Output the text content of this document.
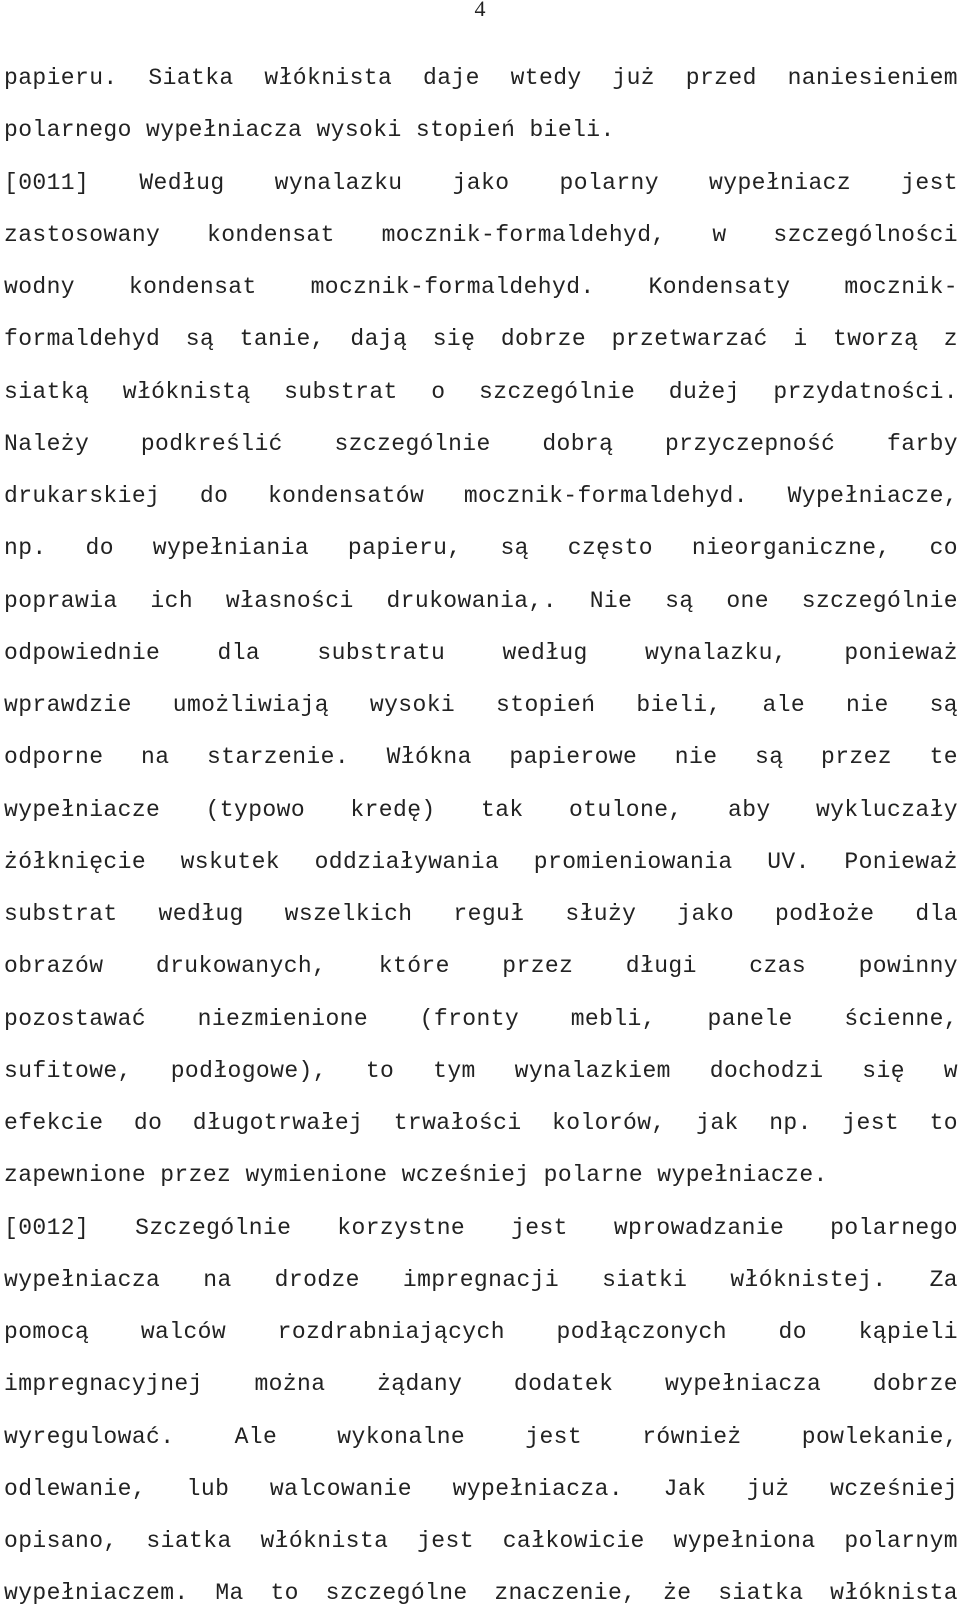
4
papieru. Siatka włóknista daje wtedy już przed naniesieniem
polarnego wypełniacza wysoki stopień bieli.
[0011] Według wynalazku jako polarny wypełniacz jest
zastosowany kondensat mocznik-formaldehyd, w szczególności
wodny kondensat mocznik-formaldehyd. Kondensaty mocznik-
formaldehyd są tanie, dają się dobrze przetwarzać i tworzą z
siatką włóknistą substrat o szczególnie dużej przydatności.
Należy podkreślić szczególnie dobrą przyczepność farby
drukarskiej do kondensatów mocznik-formaldehyd. Wypełniacze,
np. do wypełniania papieru, są często nieorganiczne, co
poprawia ich własności drukowania,. Nie są one szczególnie
odpowiednie dla substratu według wynalazku, ponieważ
wprawdzie umożliwiają wysoki stopień bieli, ale nie są
odporne na starzenie. Włókna papierowe nie są przez te
wypełniacze (typowo kredę) tak otulone, aby wykluczały
żółknięcie wskutek oddziaływania promieniowania UV. Ponieważ
substrat według wszelkich reguł służy jako podłoże dla
obrazów drukowanych, które przez długi czas powinny
pozostawać niezmienione (fronty mebli, panele ścienne,
sufitowe, podłogowe), to tym wynalazkiem dochodzi się w
efekcie do długotrwałej trwałości kolorów, jak np. jest to
zapewnione przez wymienione wcześniej polarne wypełniacze.
[0012] Szczególnie korzystne jest wprowadzanie polarnego
wypełniacza na drodze impregnacji siatki włóknistej. Za
pomocą walców rozdrabniających podłączonych do kąpieli
impregnacyjnej można żądany dodatek wypełniacza dobrze
wyregulować. Ale wykonalne jest również powlekanie,
odlewanie, lub walcowanie wypełniacza. Jak już wcześniej
opisano, siatka włóknista jest całkowicie wypełniona polarnym
wypełniaczem. Ma to szczególne znaczenie, że siatka włóknista
